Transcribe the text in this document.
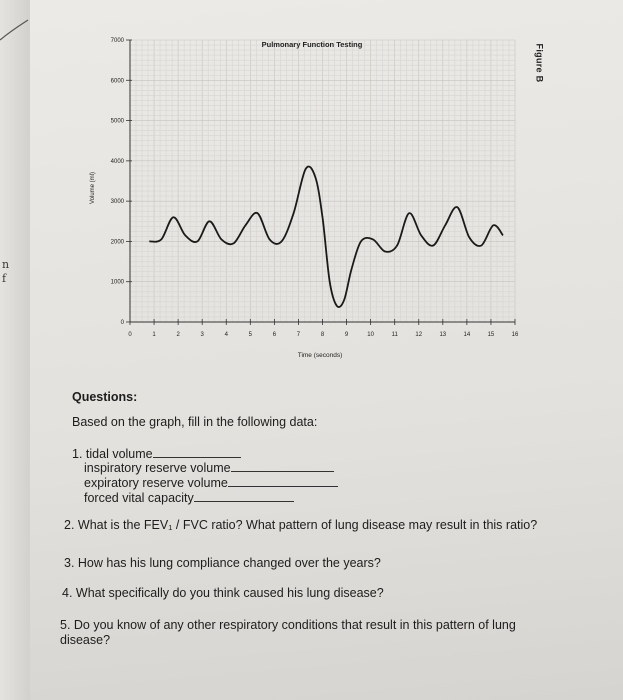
n
f
0	1	2	3	4	5	6	7	8	9	10	11	12	13	14	15	16
0
1000
2000
3000
4000
5000
6000
7000	Pulmonary Function Testing
Time (seconds)
Volume (ml)
Figure B
Questions:
Based on the graph, fill in the following data:
1. tidal volume
inspiratory reserve volume
expiratory reserve volume
forced vital capacity
2. What is the FEV₁ / FVC ratio? What pattern of lung disease may result in this ratio?
3. How has his lung compliance changed over the years?
4. What specifically do you think caused his lung disease?
5. Do you know of any other respiratory conditions that result in this pattern of lung
disease?
